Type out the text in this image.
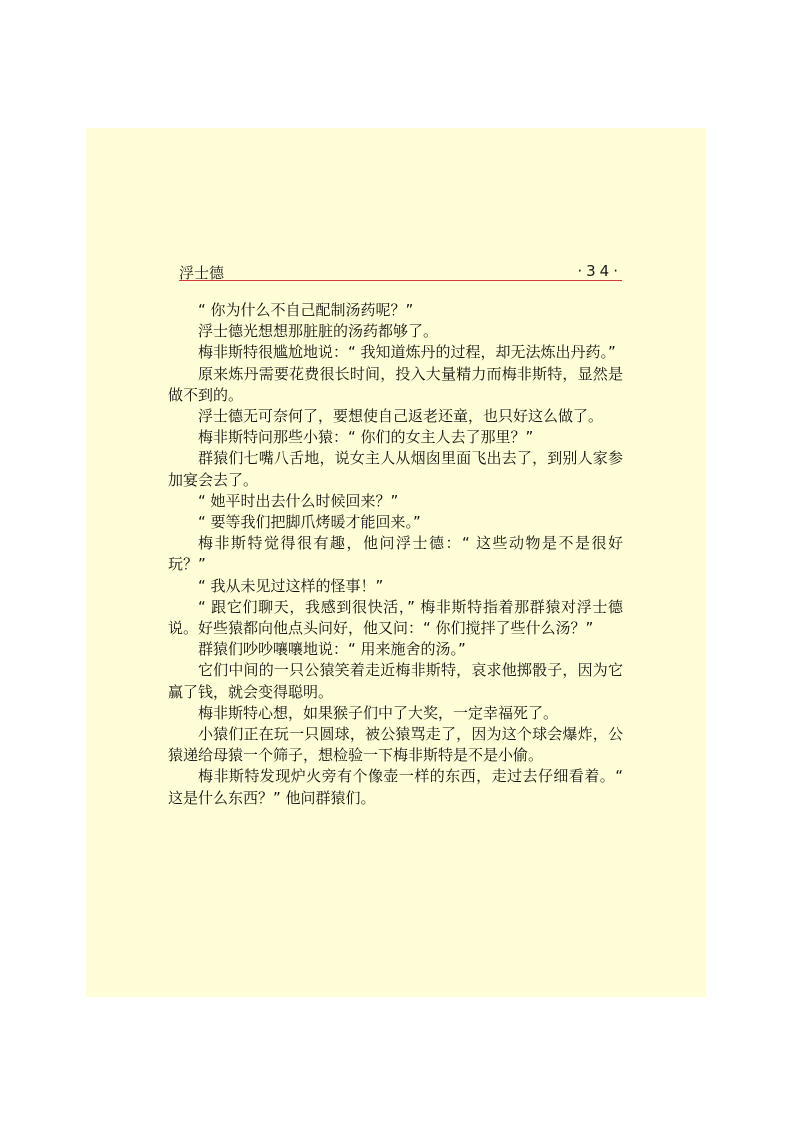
浮士德	·34·

“ 你为什么不自己配制汤药呢？”

浮士德光想想那脏脏的汤药都够了。

梅非斯特很尴尬地说：“ 我知道炼丹的过程，却无法炼出丹药。”

原来炼丹需要花费很长时间，投入大量精力而梅非斯特，显然是做不到的。

浮士德无可奈何了，要想使自己返老还童，也只好这么做了。

梅非斯特问那些小猿：“ 你们的女主人去了那里？”

群猿们七嘴八舌地，说女主人从烟囱里面飞出去了，到别人家参加宴会去了。

“ 她平时出去什么时候回来？”

“ 要等我们把脚爪烤暖才能回来。”

梅非斯特觉得很有趣，他问浮士德：“ 这些动物是不是很好玩？”

“ 我从未见过这样的怪事！”

“ 跟它们聊天，我感到很快活，” 梅非斯特指着那群猿对浮士德说。好些猿都向他点头问好，他又问：“ 你们搅拌了些什么汤？”

群猿们吵吵嚷嚷地说：“ 用来施舍的汤。”

它们中间的一只公猿笑着走近梅非斯特，哀求他掷骰子，因为它赢了钱，就会变得聪明。

梅非斯特心想，如果猴子们中了大奖，一定幸福死了。

小猿们正在玩一只圆球，被公猿骂走了，因为这个球会爆炸，公猿递给母猿一个筛子，想检验一下梅非斯特是不是小偷。

梅非斯特发现炉火旁有个像壶一样的东西，走过去仔细看着。“ 这是什么东西？” 他问群猿们。
